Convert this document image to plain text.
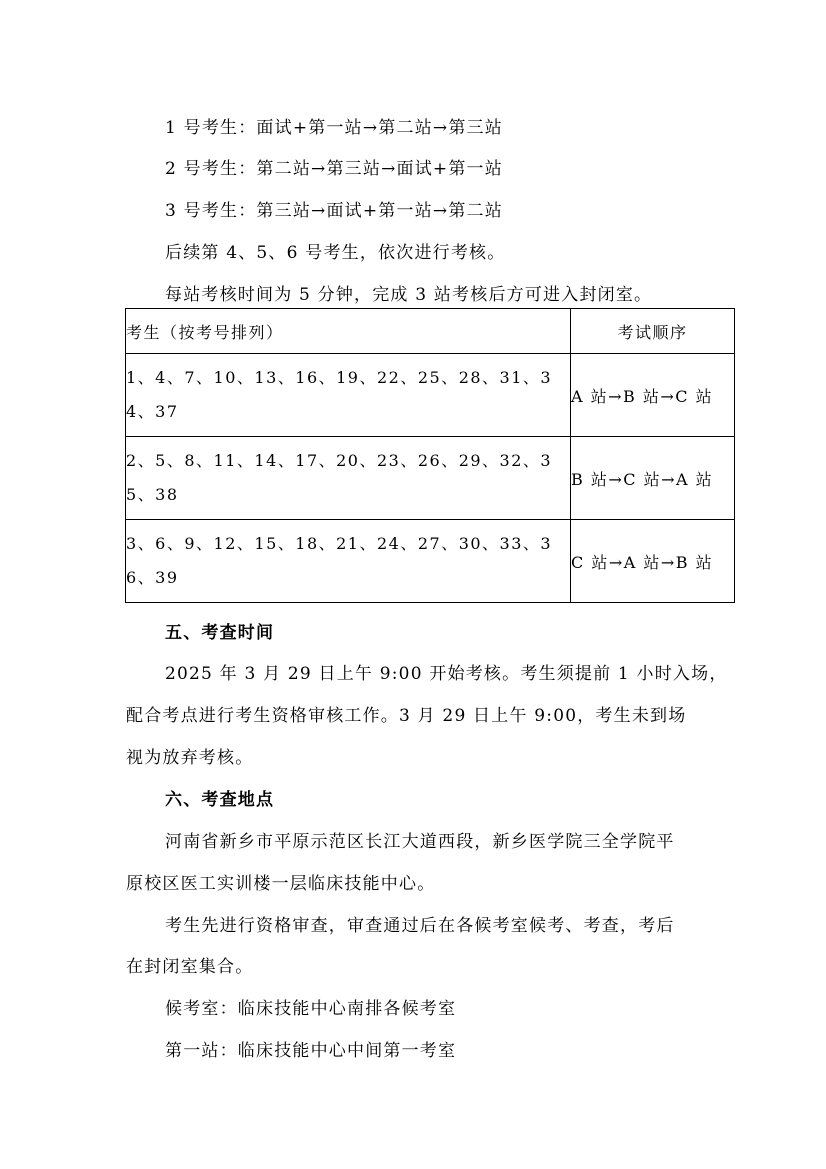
1 号考生：面试+第一站→第二站→第三站
2 号考生：第二站→第三站→面试+第一站
3 号考生：第三站→面试+第一站→第二站
后续第 4、5、6 号考生，依次进行考核。
每站考核时间为 5 分钟，完成 3 站考核后方可进入封闭室。
考生（按考号排列）	考试顺序
1、4、7、10、13、16、19、22、25、28、31、34、37	A 站→B 站→C 站
2、5、8、11、14、17、20、23、26、29、32、35、38	B 站→C 站→A 站
3、6、9、12、15、18、21、24、27、30、33、36、39	C 站→A 站→B 站
五、考查时间
2025 年 3 月 29 日上午 9:00 开始考核。考生须提前 1 小时入场，
配合考点进行考生资格审核工作。3 月 29 日上午 9:00，考生未到场
视为放弃考核。
六、考查地点
河南省新乡市平原示范区长江大道西段，新乡医学院三全学院平
原校区医工实训楼一层临床技能中心。
考生先进行资格审查，审查通过后在各候考室候考、考查，考后
在封闭室集合。
候考室：临床技能中心南排各候考室
第一站：临床技能中心中间第一考室
